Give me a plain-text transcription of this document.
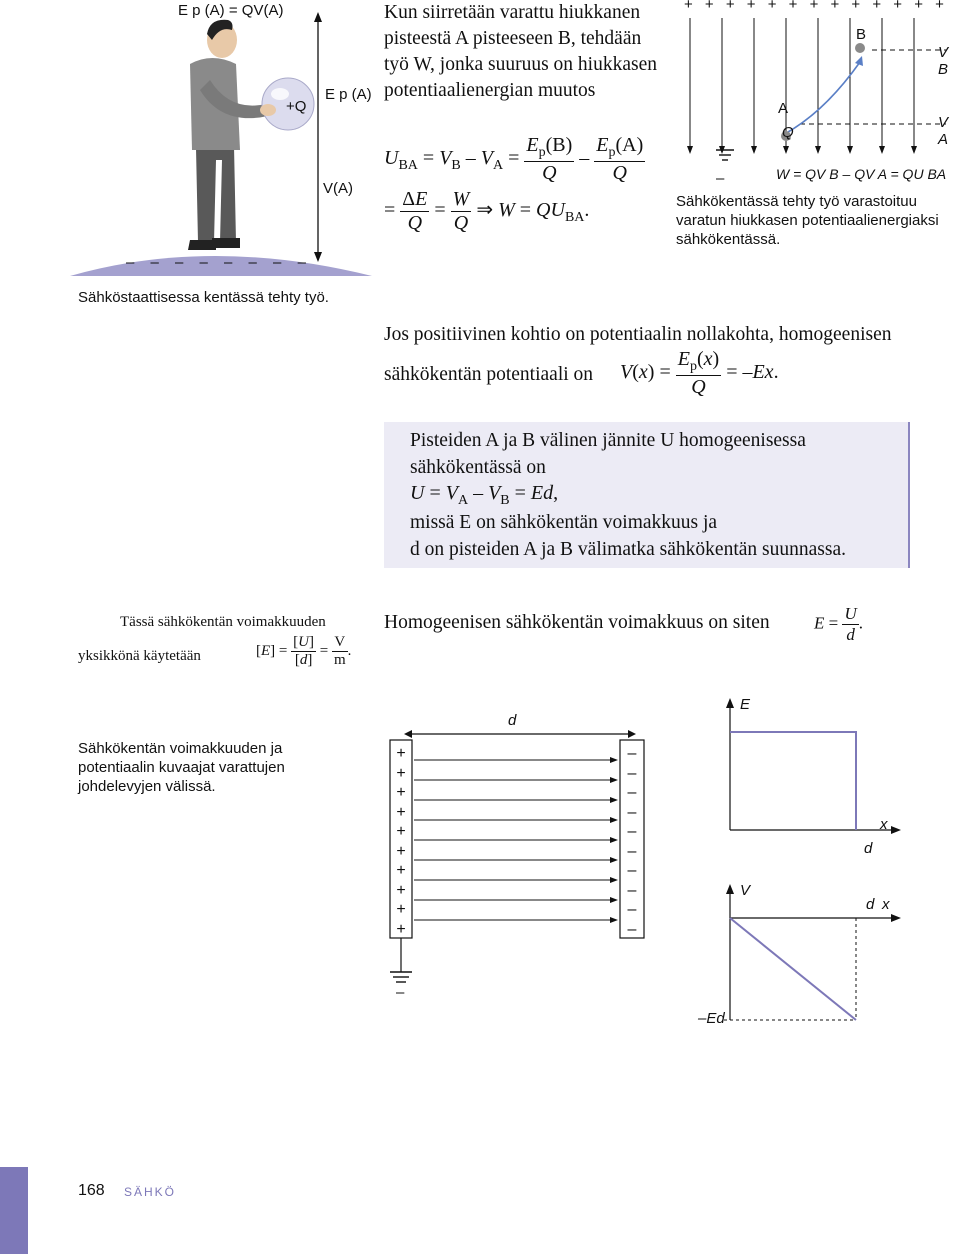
E p (A) = QV(A)
E p (A)
V(A)
+Q
– – – – – – – –
Sähköstaattisessa kentässä tehty työ.
Kun siirretään varattu hiukkanen pisteestä A pisteeseen B, tehdään työ W, jonka suuruus on hiukkasen potentiaalienergian muutos
$U_{BA} = V_B - V_A = \frac{E_p(B)}{Q} - \frac{E_p(A)}{Q}$
= $\frac{\Delta E}{Q} = \frac{W}{Q}$ ⇒ $W = QU_{BA}$.
+ + + + + + + + + + + + +
B
A
Q
V B
V A
–	W = QV B – QV A = QU BA
Sähkökentässä tehty työ varastoituu varatun hiukkasen potentiaalienergiaksi sähkökentässä.
Jos positiivinen kohtio on potentiaalin nollakohta, homogeenisen
sähkökentän potentiaali on $V(x) = \frac{E_p(x)}{Q} = -Ex$.
Pisteiden A ja B välinen jännite U homogeenisessa
sähkökentässä on
$U = V_A - V_B = Ed$,
missä E on sähkökentän voimakkuus ja
d on pisteiden A ja B välimatka sähkökentän suunnassa.
Tässä sähkökentän voimakkuuden
yksikkönä käytetään	$[E] = \frac{[U]}{[d]} = \frac{V}{m}$ .
Homogeenisen sähkökentän voimakkuus on siten	$E = \frac{U}{d}$ .
Sähkökentän voimakkuuden ja potentiaalin kuvaajat varattujen johdelevyjen välissä.
d
+
+
+
+
+
+
+
+
+
+
–
–
–
–
–
–
–
–
–
–
–
E
x
d
V
d x
–Ed
168 SÄHKÖ
